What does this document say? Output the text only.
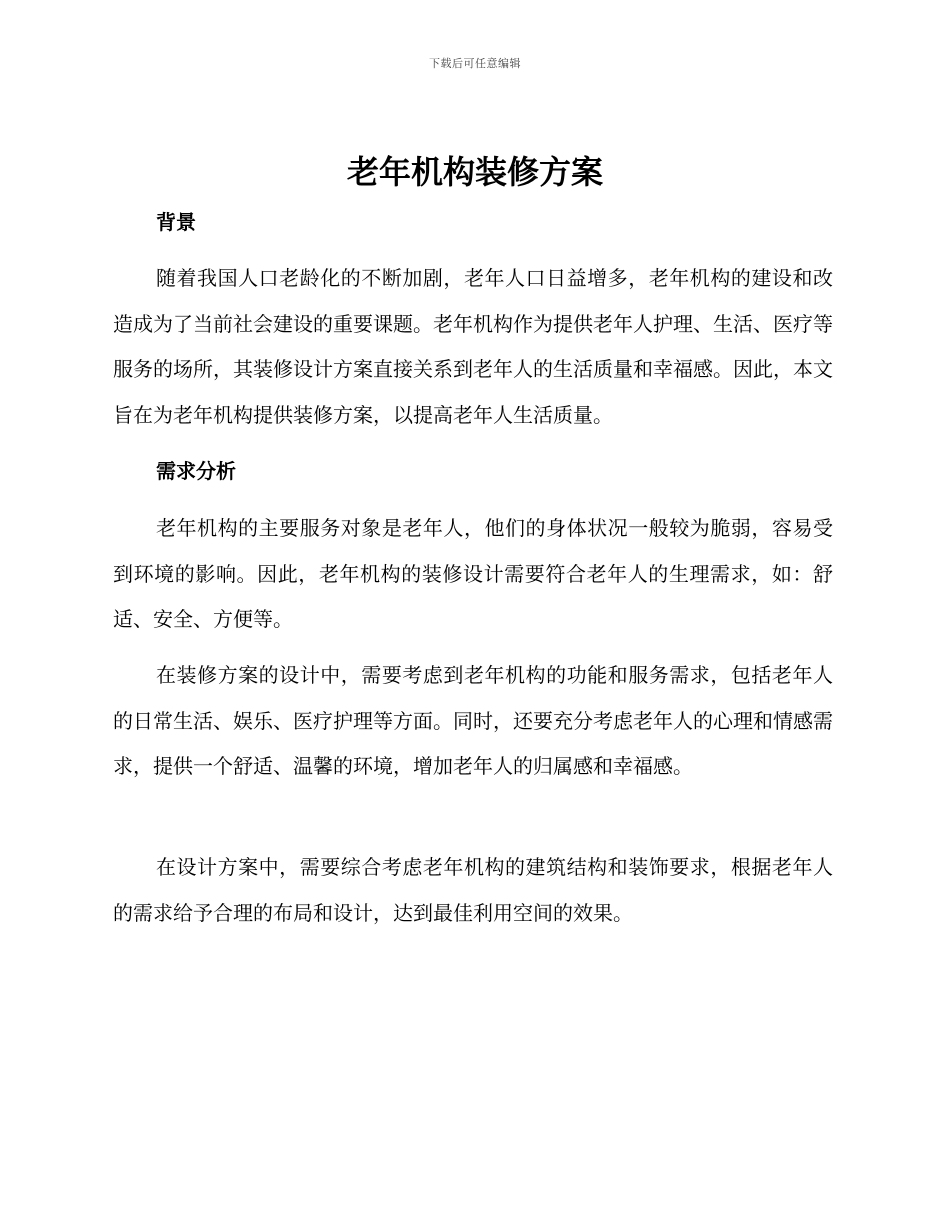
下载后可任意编辑
老年机构装修方案
背景

随着我国人口老龄化的不断加剧，老年人口日益增多，老年机构的建设和改造成为了当前社会建设的重要课题。老年机构作为提供老年人护理、生活、医疗等服务的场所，其装修设计方案直接关系到老年人的生活质量和幸福感。因此，本文旨在为老年机构提供装修方案，以提高老年人生活质量。

需求分析

老年机构的主要服务对象是老年人，他们的身体状况一般较为脆弱，容易受到环境的影响。因此，老年机构的装修设计需要符合老年人的生理需求，如：舒适、安全、方便等。

在装修方案的设计中，需要考虑到老年机构的功能和服务需求，包括老年人的日常生活、娱乐、医疗护理等方面。同时，还要充分考虑老年人的心理和情感需求，提供一个舒适、温馨的环境，增加老年人的归属感和幸福感。

在设计方案中，需要综合考虑老年机构的建筑结构和装饰要求，根据老年人的需求给予合理的布局和设计，达到最佳利用空间的效果。
